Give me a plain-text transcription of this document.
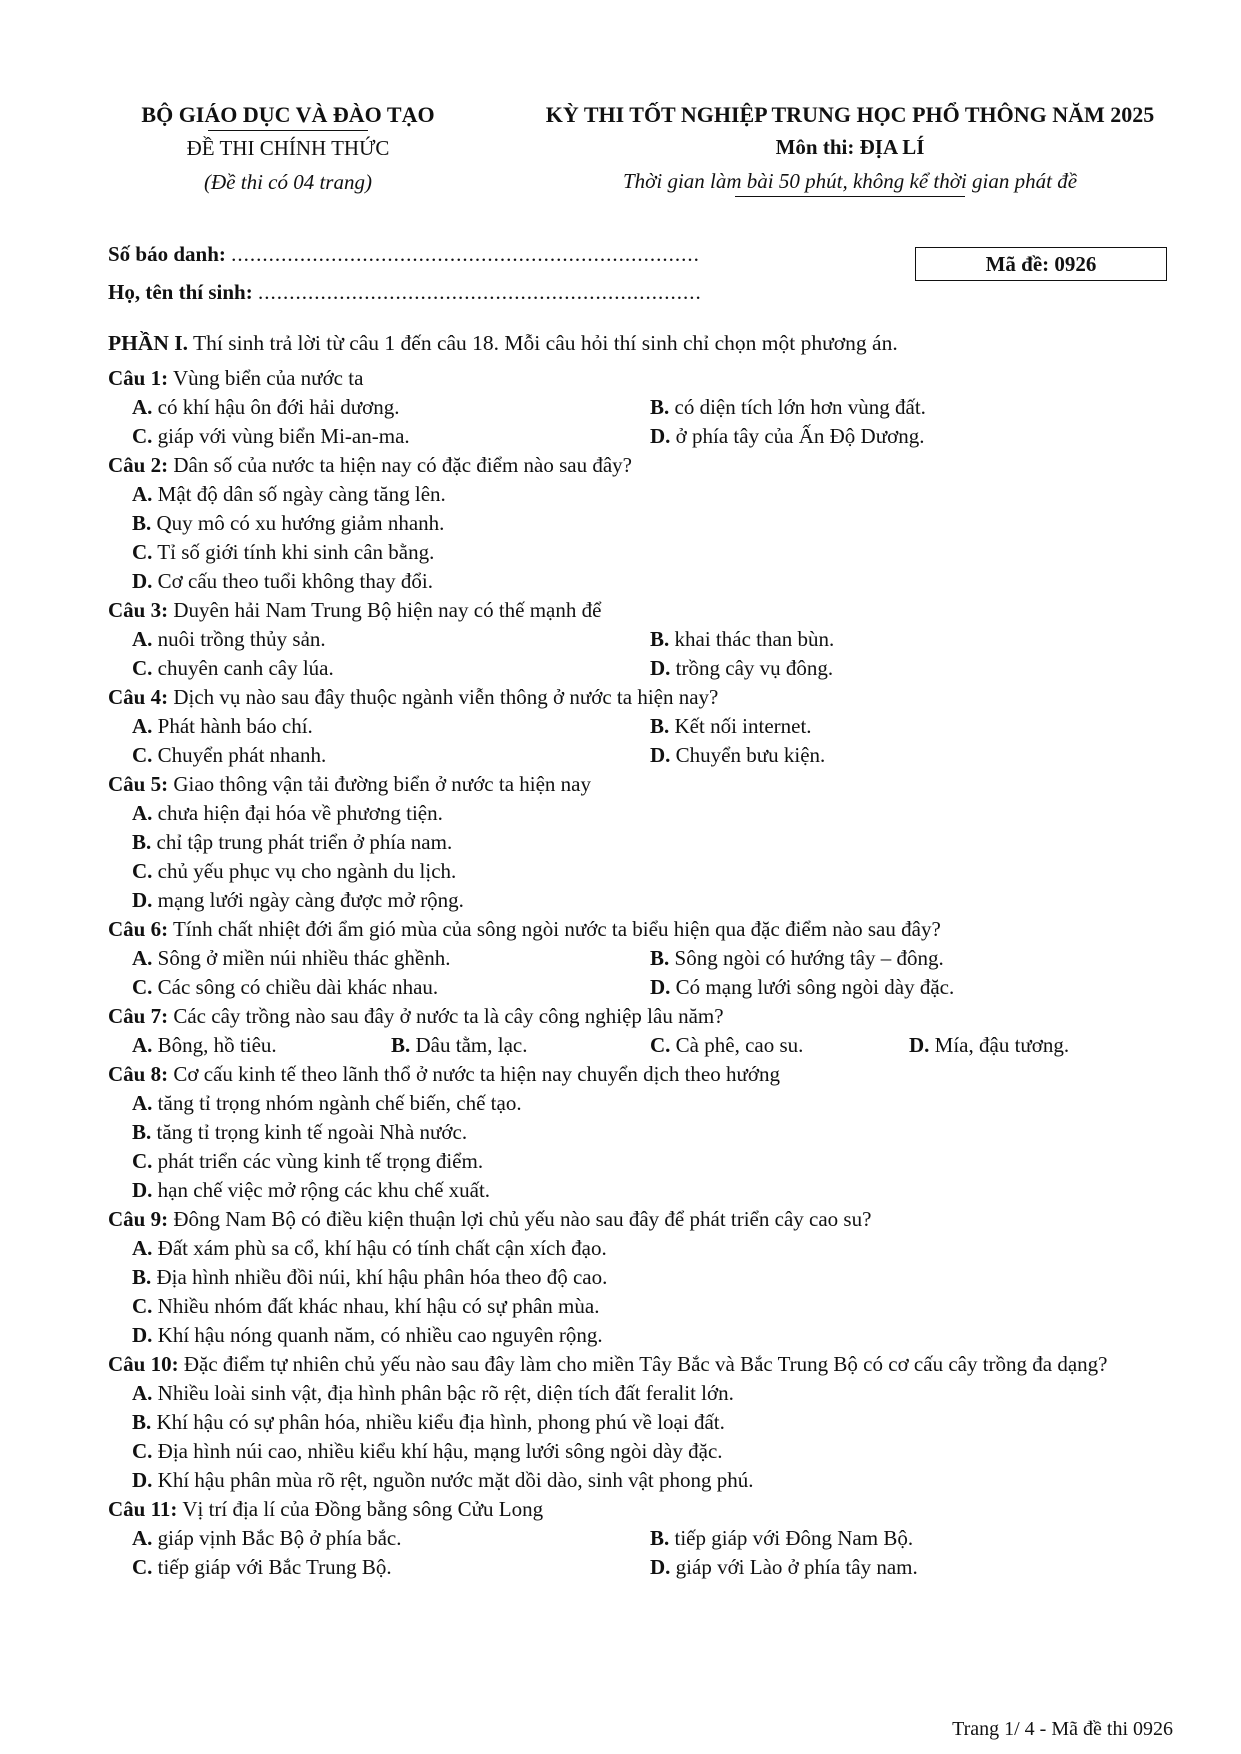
BỘ GIÁO DỤC VÀ ĐÀO TẠO
ĐỀ THI CHÍNH THỨC
(Đề thi có 04 trang)
KỲ THI TỐT NGHIỆP TRUNG HỌC PHỔ THÔNG NĂM 2025
Môn thi: ĐỊA LÍ
Thời gian làm bài 50 phút, không kể thời gian phát đề
Số báo danh: ...........................................................................
Họ, tên thí sinh: .......................................................................
Mã đề: 0926
PHẦN I. Thí sinh trả lời từ câu 1 đến câu 18. Mỗi câu hỏi thí sinh chỉ chọn một phương án.
Câu 1: Vùng biển của nước ta
A. có khí hậu ôn đới hải dương.	B. có diện tích lớn hơn vùng đất.
C. giáp với vùng biển Mi-an-ma.	D. ở phía tây của Ấn Độ Dương.
Câu 2: Dân số của nước ta hiện nay có đặc điểm nào sau đây?
A. Mật độ dân số ngày càng tăng lên.
B. Quy mô có xu hướng giảm nhanh.
C. Tỉ số giới tính khi sinh cân bằng.
D. Cơ cấu theo tuổi không thay đổi.
Câu 3: Duyên hải Nam Trung Bộ hiện nay có thế mạnh để
A. nuôi trồng thủy sản.	B. khai thác than bùn.
C. chuyên canh cây lúa.	D. trồng cây vụ đông.
Câu 4: Dịch vụ nào sau đây thuộc ngành viễn thông ở nước ta hiện nay?
A. Phát hành báo chí.	B. Kết nối internet.
C. Chuyển phát nhanh.	D. Chuyển bưu kiện.
Câu 5: Giao thông vận tải đường biển ở nước ta hiện nay
A. chưa hiện đại hóa về phương tiện.
B. chỉ tập trung phát triển ở phía nam.
C. chủ yếu phục vụ cho ngành du lịch.
D. mạng lưới ngày càng được mở rộng.
Câu 6: Tính chất nhiệt đới ẩm gió mùa của sông ngòi nước ta biểu hiện qua đặc điểm nào sau đây?
A. Sông ở miền núi nhiều thác ghềnh.	B. Sông ngòi có hướng tây – đông.
C. Các sông có chiều dài khác nhau.	D. Có mạng lưới sông ngòi dày đặc.
Câu 7: Các cây trồng nào sau đây ở nước ta là cây công nghiệp lâu năm?
A. Bông, hồ tiêu.	B. Dâu tằm, lạc.	C. Cà phê, cao su.	D. Mía, đậu tương.
Câu 8: Cơ cấu kinh tế theo lãnh thổ ở nước ta hiện nay chuyển dịch theo hướng
A. tăng tỉ trọng nhóm ngành chế biến, chế tạo.
B. tăng tỉ trọng kinh tế ngoài Nhà nước.
C. phát triển các vùng kinh tế trọng điểm.
D. hạn chế việc mở rộng các khu chế xuất.
Câu 9: Đông Nam Bộ có điều kiện thuận lợi chủ yếu nào sau đây để phát triển cây cao su?
A. Đất xám phù sa cổ, khí hậu có tính chất cận xích đạo.
B. Địa hình nhiều đồi núi, khí hậu phân hóa theo độ cao.
C. Nhiều nhóm đất khác nhau, khí hậu có sự phân mùa.
D. Khí hậu nóng quanh năm, có nhiều cao nguyên rộng.
Câu 10: Đặc điểm tự nhiên chủ yếu nào sau đây làm cho miền Tây Bắc và Bắc Trung Bộ có cơ cấu cây trồng đa dạng?
A. Nhiều loài sinh vật, địa hình phân bậc rõ rệt, diện tích đất feralit lớn.
B. Khí hậu có sự phân hóa, nhiều kiểu địa hình, phong phú về loại đất.
C. Địa hình núi cao, nhiều kiểu khí hậu, mạng lưới sông ngòi dày đặc.
D. Khí hậu phân mùa rõ rệt, nguồn nước mặt dồi dào, sinh vật phong phú.
Câu 11: Vị trí địa lí của Đồng bằng sông Cửu Long
A. giáp vịnh Bắc Bộ ở phía bắc.	B. tiếp giáp với Đông Nam Bộ.
C. tiếp giáp với Bắc Trung Bộ.	D. giáp với Lào ở phía tây nam.
Trang 1/ 4 - Mã đề thi 0926
